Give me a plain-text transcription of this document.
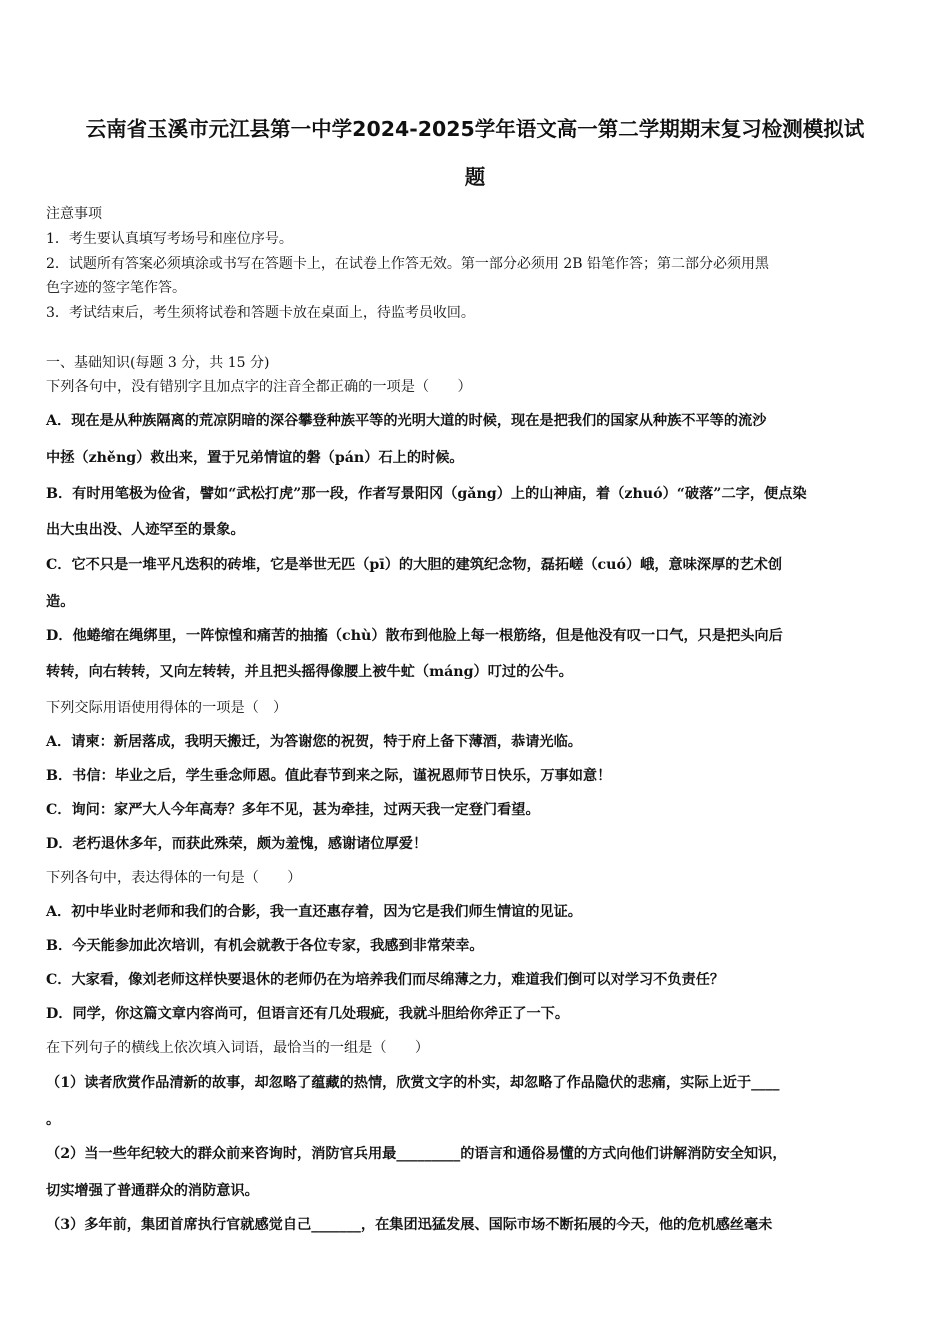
云南省玉溪市元江县第一中学2024-2025学年语文高一第二学期期末复习检测模拟试
题
注意事项
1．考生要认真填写考场号和座位序号。
2．试题所有答案必须填涂或书写在答题卡上，在试卷上作答无效。第一部分必须用 2B 铅笔作答；第二部分必须用黑
色字迹的签字笔作答。
3．考试结束后，考生须将试卷和答题卡放在桌面上，待监考员收回。
一、基础知识(每题 3 分，共 15 分)
下列各句中，没有错别字且加点字的注音全都正确的一项是（　　）
A．现在是从种族隔离的荒凉阴暗的深谷攀登种族平等的光明大道的时候，现在是把我们的国家从种族不平等的流沙
中拯（zhěng）救出来，置于兄弟情谊的磐（pán）石上的时候。
B．有时用笔极为俭省，譬如“武松打虎”那一段，作者写景阳冈（gǎng）上的山神庙，着（zhuó）“破落”二字，便点染
出大虫出没、人迹罕至的景象。
C．它不只是一堆平凡迭积的砖堆，它是举世无匹（pī）的大胆的建筑纪念物，磊拓嵯（cuó）峨，意味深厚的艺术创
造。
D．他蜷缩在绳绑里，一阵惊惶和痛苦的抽搐（chù）散布到他脸上每一根筋络，但是他没有叹一口气，只是把头向后
转转，向右转转，又向左转转，并且把头摇得像腰上被牛虻（máng）叮过的公牛。
下列交际用语使用得体的一项是（　）
A．请柬：新居落成，我明天搬迁，为答谢您的祝贺，特于府上备下薄酒，恭请光临。
B．书信：毕业之后，学生垂念师恩。值此春节到来之际，谨祝恩师节日快乐，万事如意！
C．询问：家严大人今年高寿？多年不见，甚为牵挂，过两天我一定登门看望。
D．老朽退休多年，而获此殊荣，颇为羞愧，感谢诸位厚爱！
下列各句中，表达得体的一句是（　　）
A．初中毕业时老师和我们的合影，我一直还惠存着，因为它是我们师生情谊的见证。
B．今天能参加此次培训，有机会就教于各位专家，我感到非常荣幸。
C．大家看，像刘老师这样快要退休的老师仍在为培养我们而尽绵薄之力，难道我们倒可以对学习不负责任？
D．同学，你这篇文章内容尚可，但语言还有几处瑕疵，我就斗胆给你斧正了一下。
在下列句子的横线上依次填入词语，最恰当的一组是（　　）
（1）读者欣赏作品清新的故事，却忽略了蕴藏的热情，欣赏文字的朴实，却忽略了作品隐伏的悲痛，实际上近于____
。
（2）当一些年纪较大的群众前来咨询时，消防官兵用最_________的语言和通俗易懂的方式向他们讲解消防安全知识，
切实增强了普通群众的消防意识。
（3）多年前，集团首席执行官就感觉自己_______，在集团迅猛发展、国际市场不断拓展的今天，他的危机感丝毫未
